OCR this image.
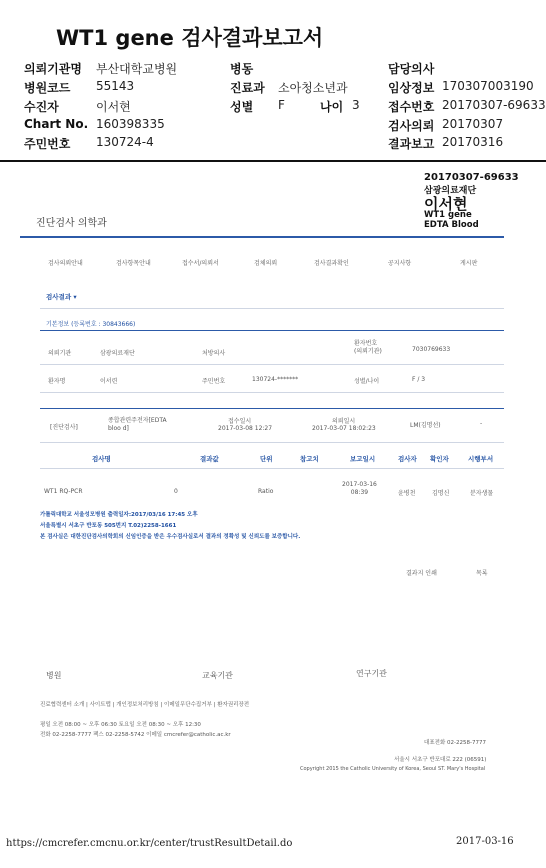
WT1 gene 검사결과보고서
의뢰기관명 부산대학교병원	병동	담당의사
병원코드 55143	진료과 소아청소년과	임상정보 170307003190
수진자	이서현	성별 F	나이 3 접수번호 20170307-69633
Chart No. 160398335	검사의뢰 20170307
주민번호 130724-4	결과보고 20170316
20170307-69633
삼광의료재단
이서현
WT1 gene
EDTA Blood
진단검사 의학과
검사의뢰안내	검사항목안내	접수서/의뢰서	검체의뢰	검사결과확인	공지사항	게시판
검사결과 ▾
기본정보 (등록번호 : 30843666)
의뢰기관	삼광의료재단	처방의사
환자번호
(의뢰기관)	7030769633
환자명	이서련	주민번호	130724-*******	성별/나이	F / 3
[진단검사]
종합관련주전자[EDTA bloo d]
접수일시
2017-03-08 12:27
의뢰일시
2017-03-07 18:02:23	LM(김명선)	-
검사명	결과값	단위	참고치	보고일시	검사자 확인자	시행부서
WT1 RQ-PCR	0	Ratio
2017-03-16
08:39	윤병천	김명신	분자생물
가톨릭대학교 서울성모병원 출력일자:2017/03/16 17:45 오후
서울특별시 서초구 반포동 505번지 T.02)2258-1661
본 검사실은 대한진단검사의학회의 신임인증을 받은 우수검사실로서 결과의 정확성 및 신뢰도를 보증합니다.
결과지 인쇄	목록
병원	교육기관	연구기관
진료협력센터 소개 | 사이트맵 | 개인정보처리방침 | 이메일무단수집거부 | 환자권리장전
평일 오전 08:00 ~ 오후 06:30 토요일 오전 08:30 ~ 오후 12:30
전화 02-2258-7777 팩스 02-2258-5742 이메일 cmcrefer@catholic.ac.kr
대표전화 02-2258-7777
서울시 서초구 반포대로 222 (06591)
Copyright 2015 the Catholic University of Korea, Seoul ST. Mary's Hospital
https://cmcrefer.cmcnu.or.kr/center/trustResultDetail.do	2017-03-16
